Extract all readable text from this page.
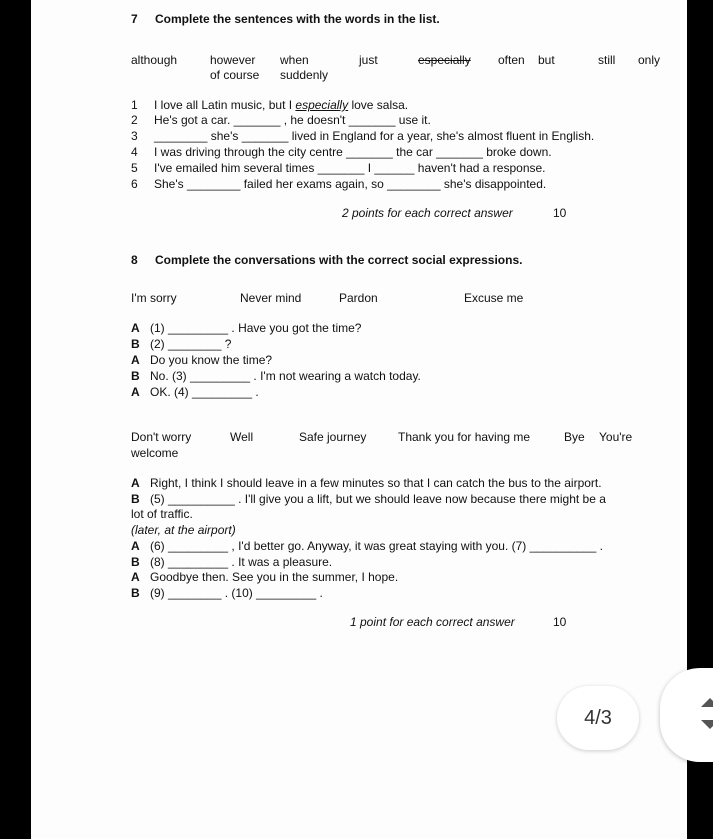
7 Complete the sentences with the words in the list.
although	however when	just	especially often but	still only
of course suddenly
1 I love all Latin music, but I especially love salsa.
2 He's got a car. _______ , he doesn't _______ use it.
3 ________ she's _______ lived in England for a year, she's almost fluent in English.
4 I was driving through the city centre _______ the car _______ broke down.
5 I've emailed him several times _______ I ______ haven't had a response.
6 She's ________ failed her exams again, so ________ she's disappointed.
2 points for each correct answer	10
8 Complete the conversations with the correct social expressions.
I'm sorry	Never mind	Pardon	Excuse me
A (1) _________ . Have you got the time?
B (2) ________ ?
A Do you know the time?
B No. (3) _________ . I'm not wearing a watch today.
A OK. (4) _________ .
Don't worry	Well	Safe journey	Thank you for having me	Bye You're
welcome
A Right, I think I should leave in a few minutes so that I can catch the bus to the airport.
B (5) __________ . I'll give you a lift, but we should leave now because there might be a
lot of traffic.
(later, at the airport)
A (6) _________ , I'd better go. Anyway, it was great staying with you. (7) __________ .
B (8) _________ . It was a pleasure.
A Goodbye then. See you in the summer, I hope.
B (9) ________ . (10) _________ .
1 point for each correct answer	10
4/3
